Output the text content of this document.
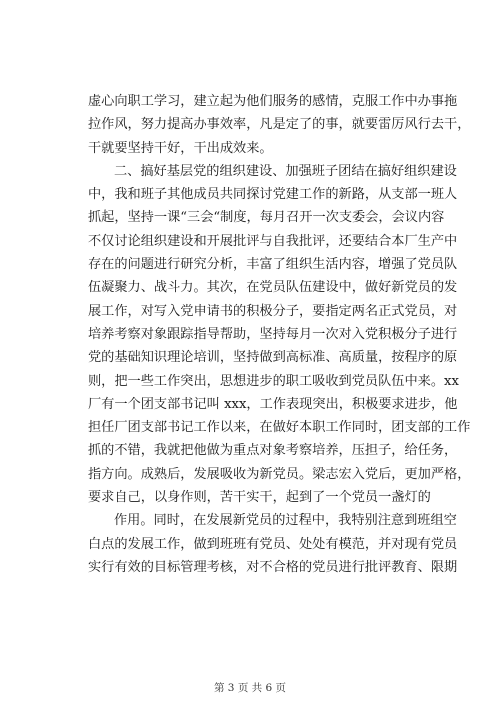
虚心向职工学习，建立起为他们服务的感情，克服工作中办事拖
拉作风，努力提高办事效率，凡是定了的事，就要雷厉风行去干，
干就要坚持干好，干出成效来。
二、搞好基层党的组织建设、加强班子团结在搞好组织建设
中，我和班子其他成员共同探讨党建工作的新路，从支部一班人
抓起，坚持一课“三会“制度，每月召开一次支委会，会议内容
不仅讨论组织建设和开展批评与自我批评，还要结合本厂生产中
存在的问题进行研究分析，丰富了组织生活内容，增强了党员队
伍凝聚力、战斗力。其次，在党员队伍建设中，做好新党员的发
展工作，对写入党申请书的积极分子，要指定两名正式党员，对
培养考察对象跟踪指导帮助，坚持每月一次对入党积极分子进行
党的基础知识理论培训，坚持做到高标准、高质量，按程序的原
则，把一些工作突出，思想进步的职工吸收到党员队伍中来。xx
厂有一个团支部书记叫 xxx，工作表现突出，积极要求进步，他
担任厂团支部书记工作以来，在做好本职工作同时，团支部的工作
抓的不错，我就把他做为重点对象考察培养，压担子，给任务，
指方向。成熟后，发展吸收为新党员。梁志宏入党后，更加严格，
要求自己，以身作则，苦干实干，起到了一个党员一盏灯的
作用。同时，在发展新党员的过程中，我特别注意到班组空
白点的发展工作，做到班班有党员、处处有模范，并对现有党员
实行有效的目标管理考核，对不合格的党员进行批评教育、限期
第 3 页 共 6 页
